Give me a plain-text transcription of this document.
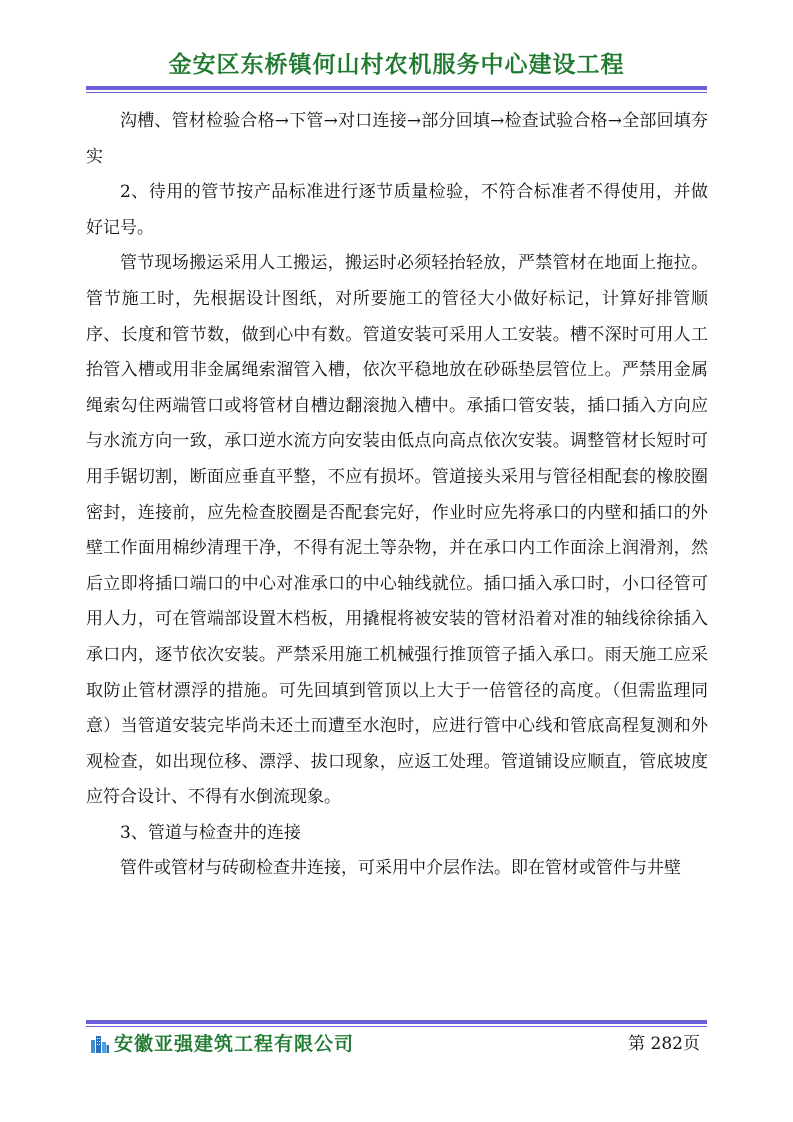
金安区东桥镇何山村农机服务中心建设工程

沟槽、管材检验合格→下管→对口连接→部分回填→检查试验合格→全部回填夯实

2、待用的管节按产品标准进行逐节质量检验，不符合标准者不得使用，并做好记号。

管节现场搬运采用人工搬运，搬运时必须轻抬轻放，严禁管材在地面上拖拉。管节施工时，先根据设计图纸，对所要施工的管径大小做好标记，计算好排管顺序、长度和管节数，做到心中有数。管道安装可采用人工安装。槽不深时可用人工抬管入槽或用非金属绳索溜管入槽，依次平稳地放在砂砾垫层管位上。严禁用金属绳索勾住两端管口或将管材自槽边翻滚抛入槽中。承插口管安装，插口插入方向应与水流方向一致，承口逆水流方向安装由低点向高点依次安装。调整管材长短时可用手锯切割，断面应垂直平整，不应有损坏。管道接头采用与管径相配套的橡胶圈密封，连接前，应先检查胶圈是否配套完好，作业时应先将承口的内壁和插口的外壁工作面用棉纱清理干净，不得有泥土等杂物，并在承口内工作面涂上润滑剂，然后立即将插口端口的中心对准承口的中心轴线就位。插口插入承口时，小口径管可用人力，可在管端部设置木档板，用撬棍将被安装的管材沿着对准的轴线徐徐插入承口内，逐节依次安装。严禁采用施工机械强行推顶管子插入承口。雨天施工应采取防止管材漂浮的措施。可先回填到管顶以上大于一倍管径的高度。（但需监理同意）当管道安装完毕尚未还土而遭至水泡时，应进行管中心线和管底高程复测和外观检查，如出现位移、漂浮、拔口现象，应返工处理。管道铺设应顺直，管底坡度应符合设计、不得有水倒流现象。

3、管道与检查井的连接

管件或管材与砖砌检查井连接，可采用中介层作法。即在管材或管件与井壁

安徽亚强建筑工程有限公司	第 282页
